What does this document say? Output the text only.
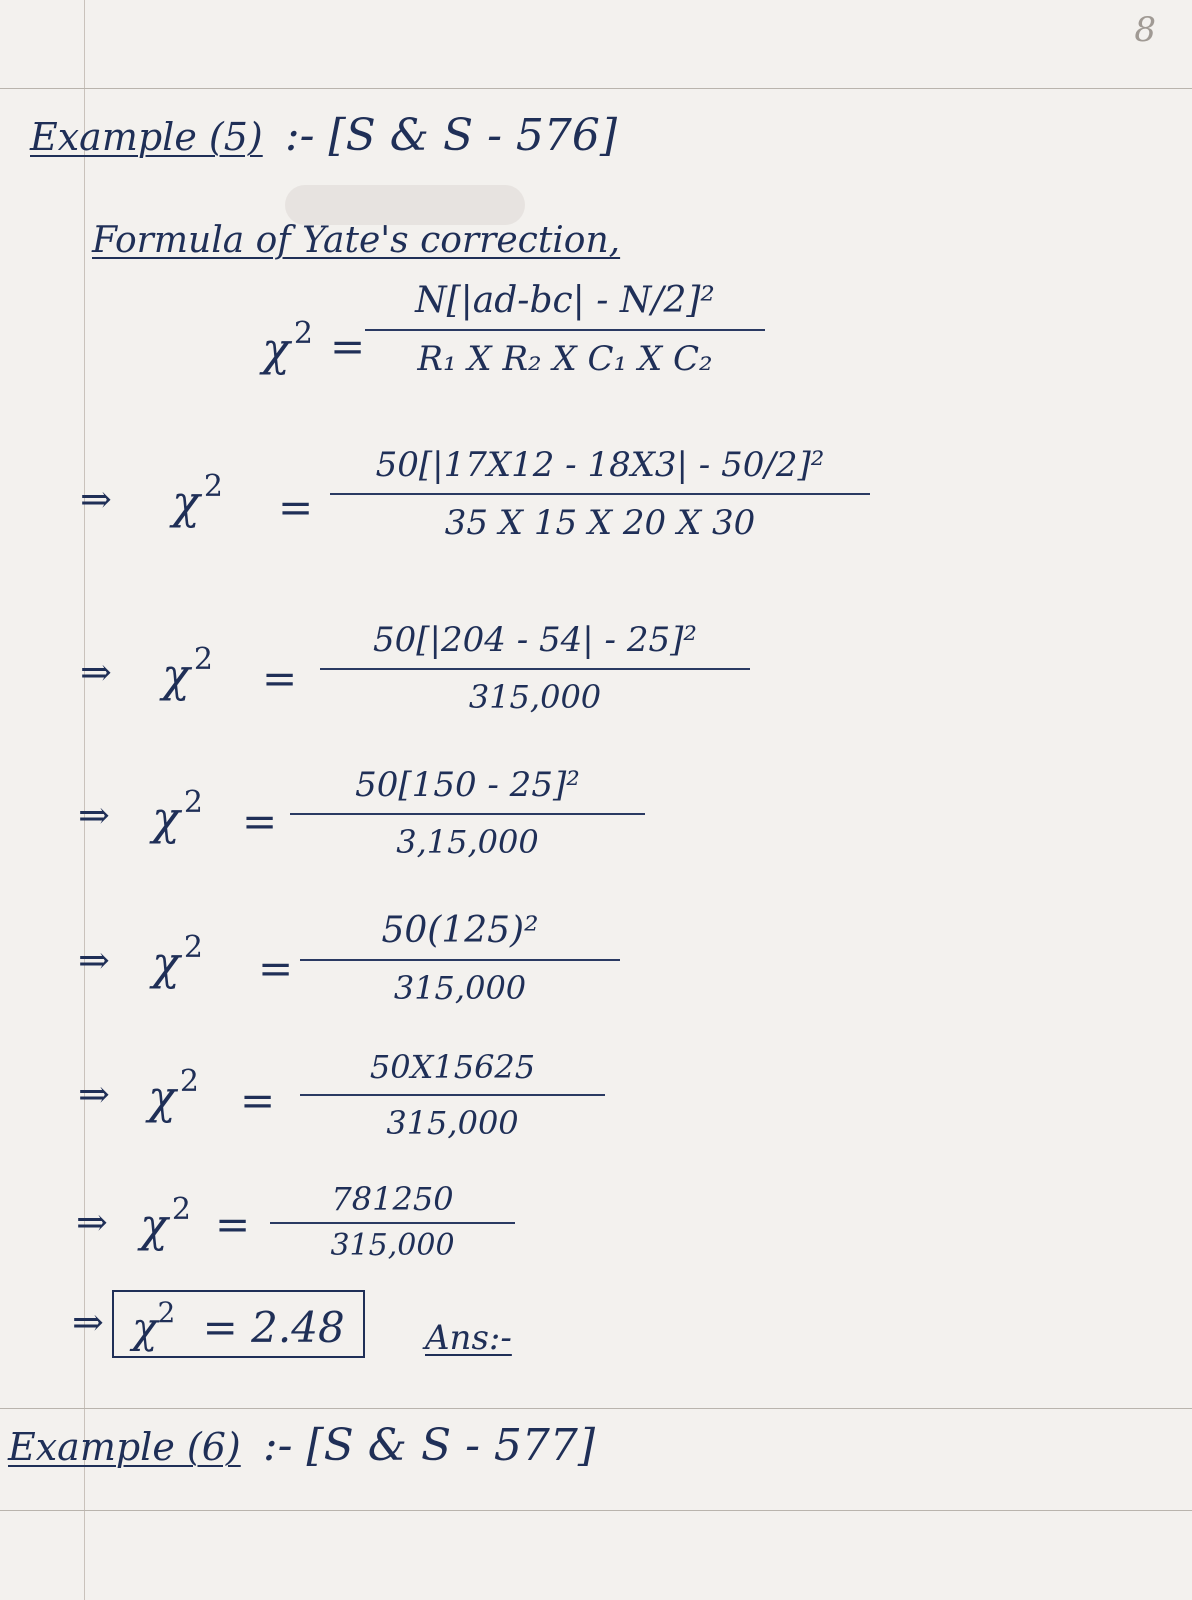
8
Example (5) :- [S & S - 576]
Formula of Yate's correction,
χ $^2$ =
N[|ad-bc| - N/2]²
R₁ X R₂ X C₁ X C₂
⇒ χ $^2$ =
50[|17X12 - 18X3| - 50/2]²
35 X 15 X 20 X 30
⇒ χ $^2$ =
50[|204 - 54| - 25]²
315,000
⇒ χ $^2$ =
50[150 - 25]²
3,15,000
⇒ χ $^2$ =
50(125)²
315,000
⇒ χ $^2$ =
50X15625
315,000
⇒ χ $^2$ =
781250
315,000
⇒ $\chi^2 = 2.48$	Ans:-
Example (6) :- [S & S - 577]
